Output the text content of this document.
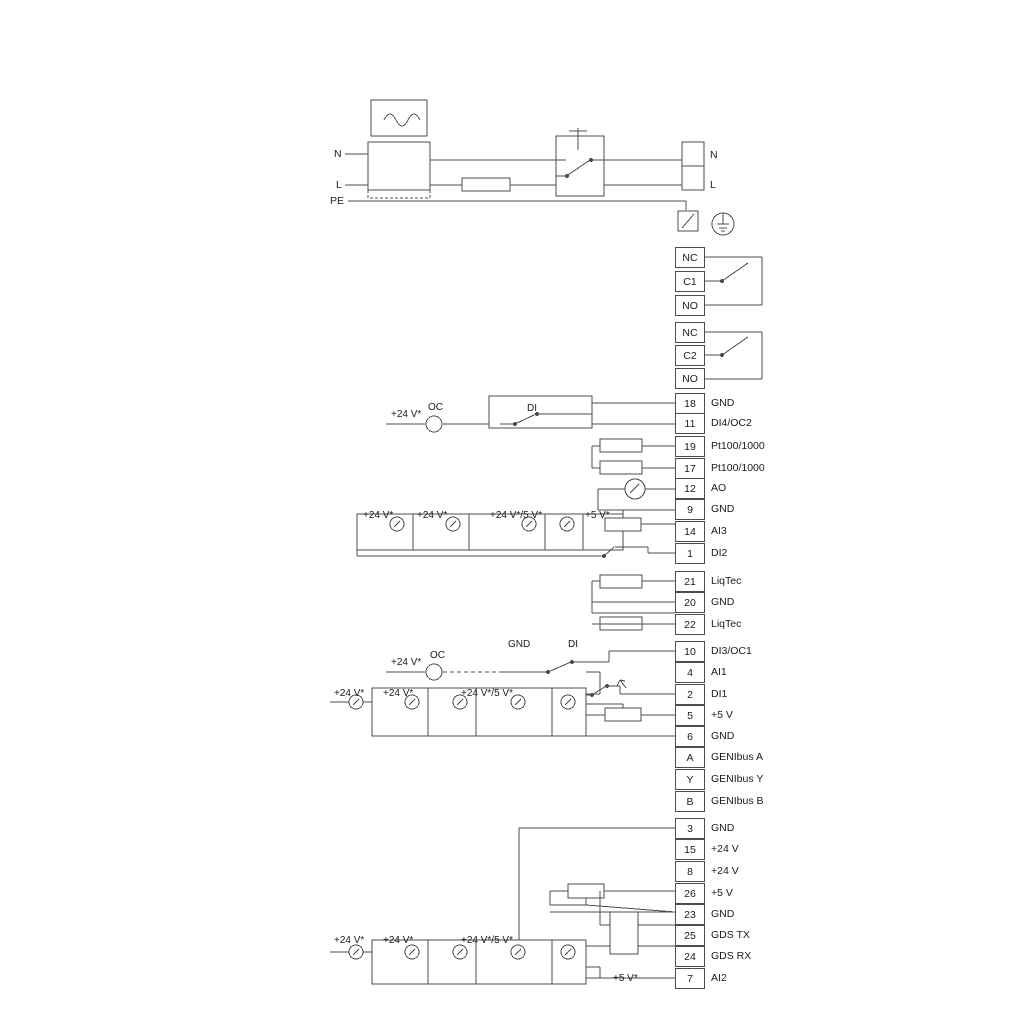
N
L
PE
N
L
+24 V*
OC	DI
+24 V* +24 V*	+24 V*/5 V*	+5 V*
+24 V*
OC
GND	DI
+24 V* +24 V*	+24 V*/5 V*
+24 V* +24 V*	+24 V*/5 V*
+5 V*
NC
C1
NO
NC
C2
NO
18	GND
11	DI4/OC2
19	Pt100/1000
17	Pt100/1000
12	AO
9	GND
14	AI3
1	DI2
21	LiqTec
20	GND
22	LiqTec
10	DI3/OC1
4	AI1
2	DI1
5	+5 V
6	GND
A	GENIbus A
Y	GENIbus Y
B	GENIbus B
3	GND
15	+24 V
8	+24 V
26	+5 V
23	GND
25	GDS TX
24	GDS RX
7	AI2
